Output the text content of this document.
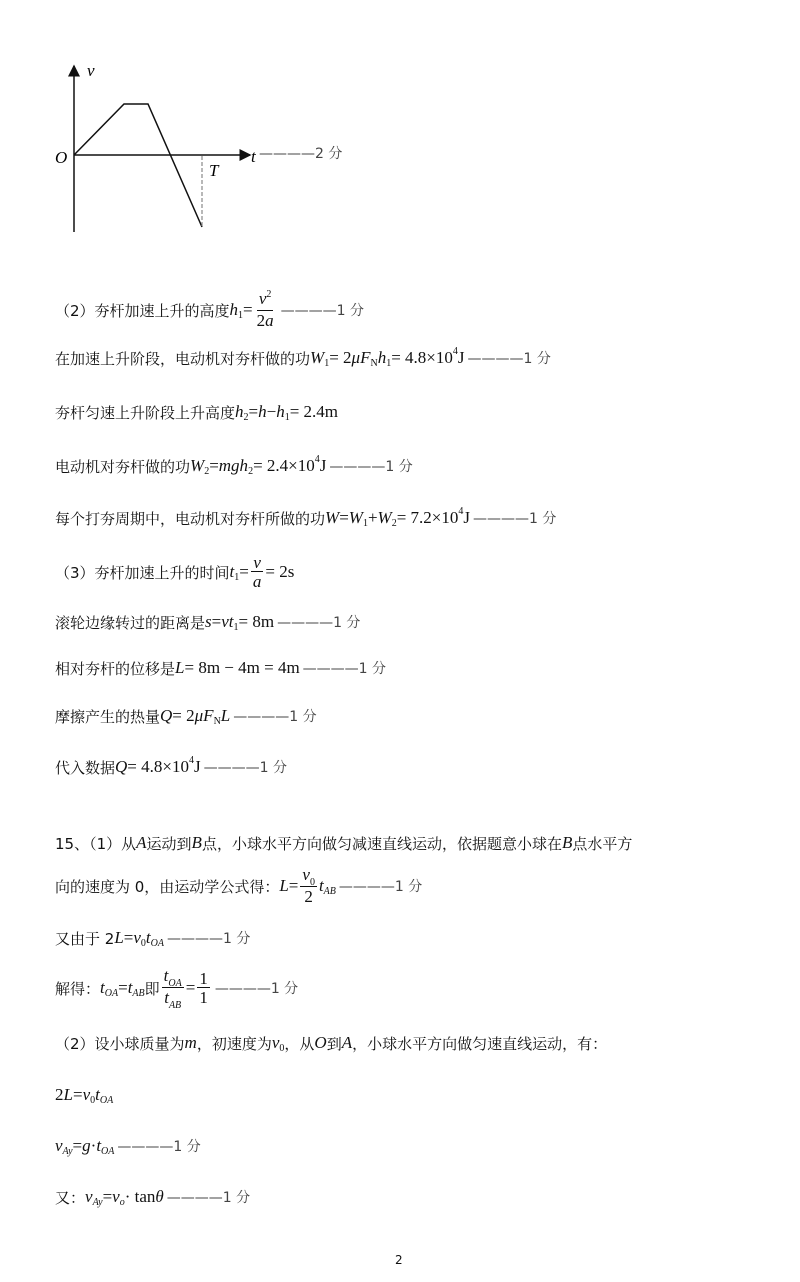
v
t
O
T
————2 分
（2）夯杆加速上升的高度 h $1 = \frac{v 2}{2 a}$ ————1 分
在加速上升阶段，电动机对夯杆做的功 W 1 = 2 μF N h 1 = 4.8×10 4 J ————1 分
夯杆匀速上升阶段上升高度 h 2 = h − h 1 = 2.4m
电动机对夯杆做的功 W 2 = mgh 2 = 2.4×10 4 J ————1 分
每个打夯周期中，电动机对夯杆所做的功 W = W 1 + W 2 = 7.2×10 4 J ————1 分
（3）夯杆加速上升的时间 t $1 = \frac{v}{a} = 2s$
滚轮边缘转过的距离是 s = vt 1 = 8m ————1 分
相对夯杆的位移是 L = 8m − 4m = 4m ————1 分
摩擦产生的热量 Q = 2 μF N L ————1 分
代入数据 Q = 4.8×10 4 J ————1 分
15、（1）从 A 运动到 B 点，小球水平方向做匀减速直线运动，依据题意小球在 B 点水平方
向的速度为 0，由运动学公式得： $L = \frac{v 0}{2}$ t AB ————1 分
又由于 2 L = v 0 t OA ————1 分
解得： t OA = t AB 即 $\frac{\text{t OA}}{\text{t AB}} = \frac{1}{1}$ ————1 分
（2）设小球质量为 m ，初速度为 v 0 ，从 O 到 A ，小球水平方向做匀速直线运动，有：
2 L = v 0 t OA
v Ay = g · t OA ————1 分
又： v Ay = v o · tan θ ————1 分
2
